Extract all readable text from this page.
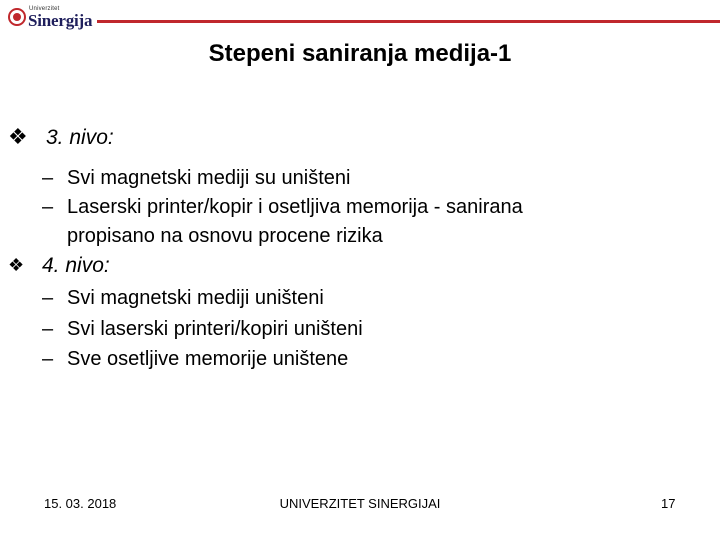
Univerzitet
Sinergija
Stepeni saniranja medija-1
❖ 3. nivo:
– Svi magnetski mediji su uništeni
– Laserski printer/kopir i osetljiva memorija - sanirana
propisano na osnovu procene rizika
❖ 4. nivo:
– Svi magnetski mediji uništeni
– Svi laserski printeri/kopiri uništeni
– Sve osetljive memorije uništene
15. 03. 2018	UNIVERZITET SINERGIJAI	17
